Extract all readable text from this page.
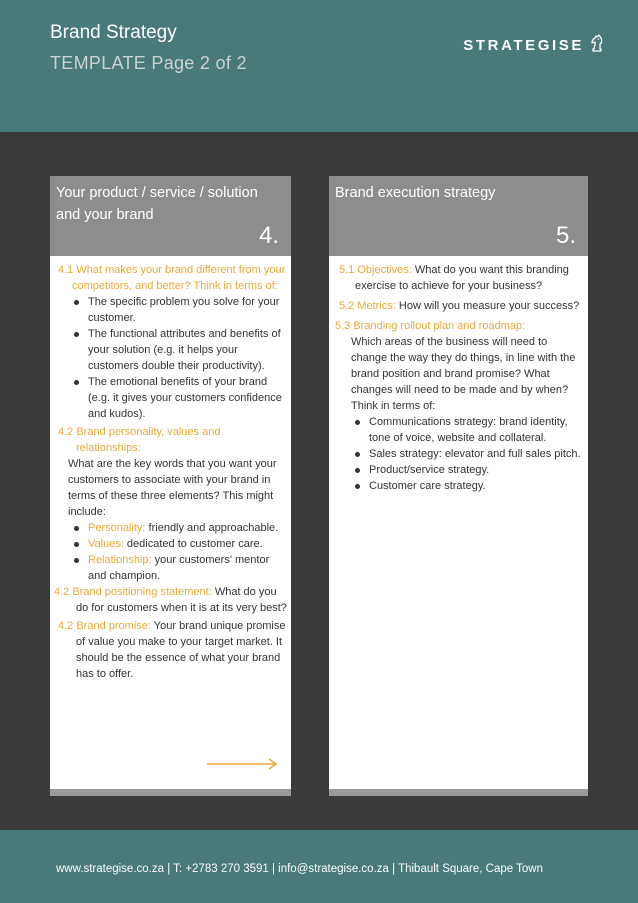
Brand Strategy
TEMPLATE Page 2 of 2
STRATEGISE
Your product / service / solution and your brand
4.
4.1 What makes your brand different from your competitors, and better? Think in terms of:
The specific problem you solve for your customer.
The functional attributes and benefits of your solution (e.g. it helps your customers double their productivity).
The emotional benefits of your brand (e.g. it gives your customers confidence and kudos).
4.2 Brand personality, values and relationships:
What are the key words that you want your customers to associate with your brand in terms of these three elements? This might include:
Personality: friendly and approachable.
Values: dedicated to customer care.
Relationship: your customers' mentor and champion.
4.2 Brand positioning statement: What do you do for customers when it is at its very best?
4.2 Brand promise: Your brand unique promise of value you make to your target market. It should be the essence of what your brand has to offer.
Brand execution strategy
5.
5.1 Objectives: What do you want this branding exercise to achieve for your business?
5.2 Metrics: How will you measure your success?
5.3 Branding rollout plan and roadmap:
Which areas of the business will need to change the way they do things, in line with the brand position and brand promise? What changes will need to be made and by when?
Think in terms of:
Communications strategy: brand identity, tone of voice, website and collateral.
Sales strategy: elevator and full sales pitch.
Product/service strategy.
Customer care strategy.
www.strategise.co.za | T: +2783 270 3591 | info@strategise.co.za | Thibault Square, Cape Town
